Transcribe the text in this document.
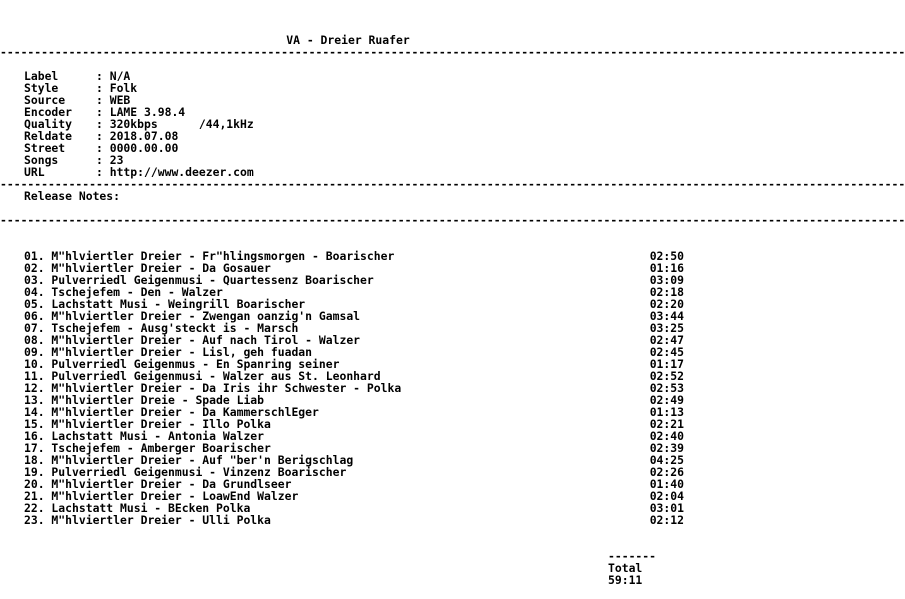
VA - Dreier Ruafer
------------------------------------------------------------------------------------------------------------------------------------
Label	: N/A
Style	: Folk
Source	: WEB
Encoder : LAME 3.98.4
Quality : 320kbps      /44,1kHz
Reldate : 2018.07.08
Street	: 0000.00.00
Songs	: 23
URL	: http://www.deezer.com
------------------------------------------------------------------------------------------------------------------------------------
Release Notes:
------------------------------------------------------------------------------------------------------------------------------------
01. M"hlviertler Dreier - Fr"hlingsmorgen - Boarischer	02:50
02. M"hlviertler Dreier - Da Gosauer	01:16
03. Pulverriedl Geigenmusi - Quartessenz Boarischer	03:09
04. Tschejefem - Den - Walzer	02:18
05. Lachstatt Musi - Weingrill Boarischer	02:20
06. M"hlviertler Dreier - Zwengan oanzig'n Gamsal	03:44
07. Tschejefem - Ausg'steckt is - Marsch	03:25
08. M"hlviertler Dreier - Auf nach Tirol - Walzer	02:47
09. M"hlviertler Dreier - Lisl, geh fuadan	02:45
10. Pulverriedl Geigenmus - En Spanring seiner	01:17
11. Pulverriedl Geigenmusi - Walzer aus St. Leonhard	02:52
12. M"hlviertler Dreier - Da Iris ihr Schwester - Polka	02:53
13. M"hlviertler Dreie - Spade Liab	02:49
14. M"hlviertler Dreier - Da KammerschlEger	01:13
15. M"hlviertler Dreier - Illo Polka	02:21
16. Lachstatt Musi - Antonia Walzer	02:40
17. Tschejefem - Amberger Boarischer	02:39
18. M"hlviertler Dreier - Auf "ber'n Berigschlag	04:25
19. Pulverriedl Geigenmusi - Vinzenz Boarischer	02:26
20. M"hlviertler Dreier - Da Grundlseer	01:40
21. M"hlviertler Dreier - LoawEnd Walzer	02:04
22. Lachstatt Musi - BEcken Polka	03:01
23. M"hlviertler Dreier - Ulli Polka	02:12

-------

Total

59:11
